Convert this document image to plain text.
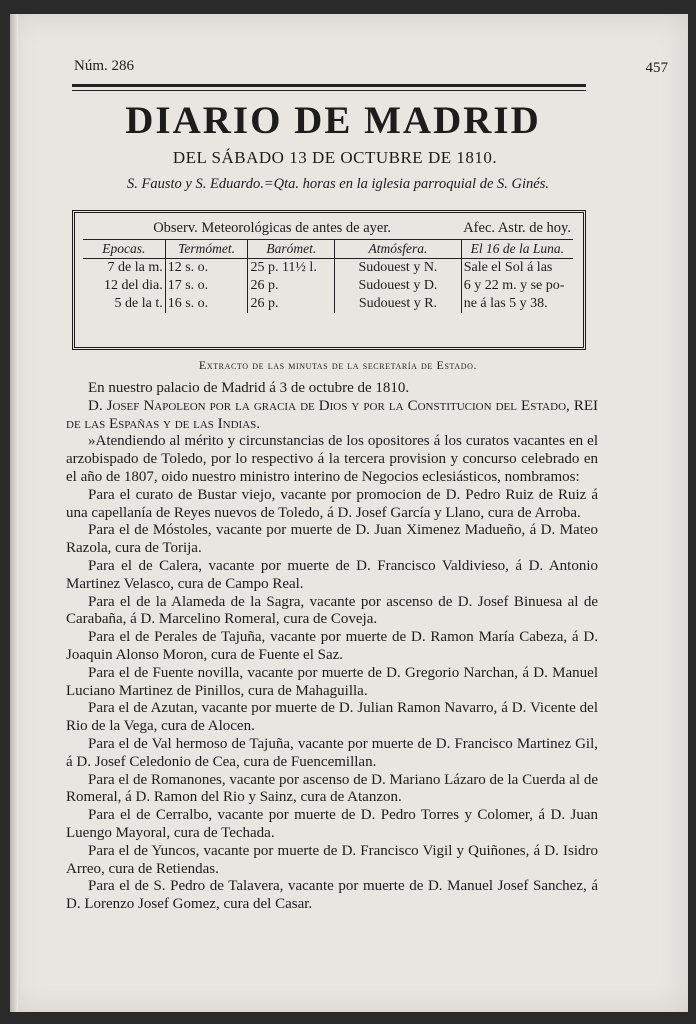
Núm. 286	457
DIARIO DE MADRID
DEL SÁBADO 13 DE OCTUBRE DE 1810.
S. Fausto y S. Eduardo.=Qta. horas en la iglesia parroquial de S. Ginés.
Observ. Meteorológicas de antes de ayer.				Afec. Astr. de hoy.
Epocas.	Termómet.	Barómet.	Atmósfera.	El 16 de la Luna.
7 de la m.	12 s. o.	25 p. 11½ l.	Sudouest y N.	Sale el Sol á las
12 del dia.	17 s. o.	26 p.	Sudouest y D.	6 y 22 m. y se po-
5 de la t.	16 s. o.	26 p.	Sudouest y R.	ne á las 5 y 38.
Extracto de las minutas de la secretaría de Estado.

En nuestro palacio de Madrid á 3 de octubre de 1810.

D. Josef Napoleon por la gracia de Dios y por la Constitucion del Estado, REI de las Españas y de las Indias.

»Atendiendo al mérito y circunstancias de los opositores á los curatos vacantes en el arzobispado de Toledo, por lo respectivo á la tercera provision y concurso celebrado en el año de 1807, oido nuestro ministro interino de Negocios eclesiásticos, nombramos:

Para el curato de Bustar viejo, vacante por promocion de D. Pedro Ruiz de Ruiz á una capellanía de Reyes nuevos de Toledo, á D. Josef García y Llano, cura de Arroba.

Para el de Móstoles, vacante por muerte de D. Juan Ximenez Madueño, á D. Mateo Razola, cura de Torija.

Para el de Calera, vacante por muerte de D. Francisco Valdivieso, á D. Antonio Martinez Velasco, cura de Campo Real.

Para el de la Alameda de la Sagra, vacante por ascenso de D. Josef Binuesa al de Carabaña, á D. Marcelino Romeral, cura de Coveja.

Para el de Perales de Tajuña, vacante por muerte de D. Ramon María Cabeza, á D. Joaquin Alonso Moron, cura de Fuente el Saz.

Para el de Fuente novilla, vacante por muerte de D. Gregorio Narchan, á D. Manuel Luciano Martinez de Pinillos, cura de Mahaguilla.

Para el de Azutan, vacante por muerte de D. Julian Ramon Navarro, á D. Vicente del Rio de la Vega, cura de Alocen.

Para el de Val hermoso de Tajuña, vacante por muerte de D. Francisco Martinez Gil, á D. Josef Celedonio de Cea, cura de Fuencemillan.

Para el de Romanones, vacante por ascenso de D. Mariano Lázaro de la Cuerda al de Romeral, á D. Ramon del Rio y Sainz, cura de Atanzon.

Para el de Cerralbo, vacante por muerte de D. Pedro Torres y Colomer, á D. Juan Luengo Mayoral, cura de Techada.

Para el de Yuncos, vacante por muerte de D. Francisco Vigil y Quiñones, á D. Isidro Arreo, cura de Retiendas.

Para el de S. Pedro de Talavera, vacante por muerte de D. Manuel Josef Sanchez, á D. Lorenzo Josef Gomez, cura del Casar.
